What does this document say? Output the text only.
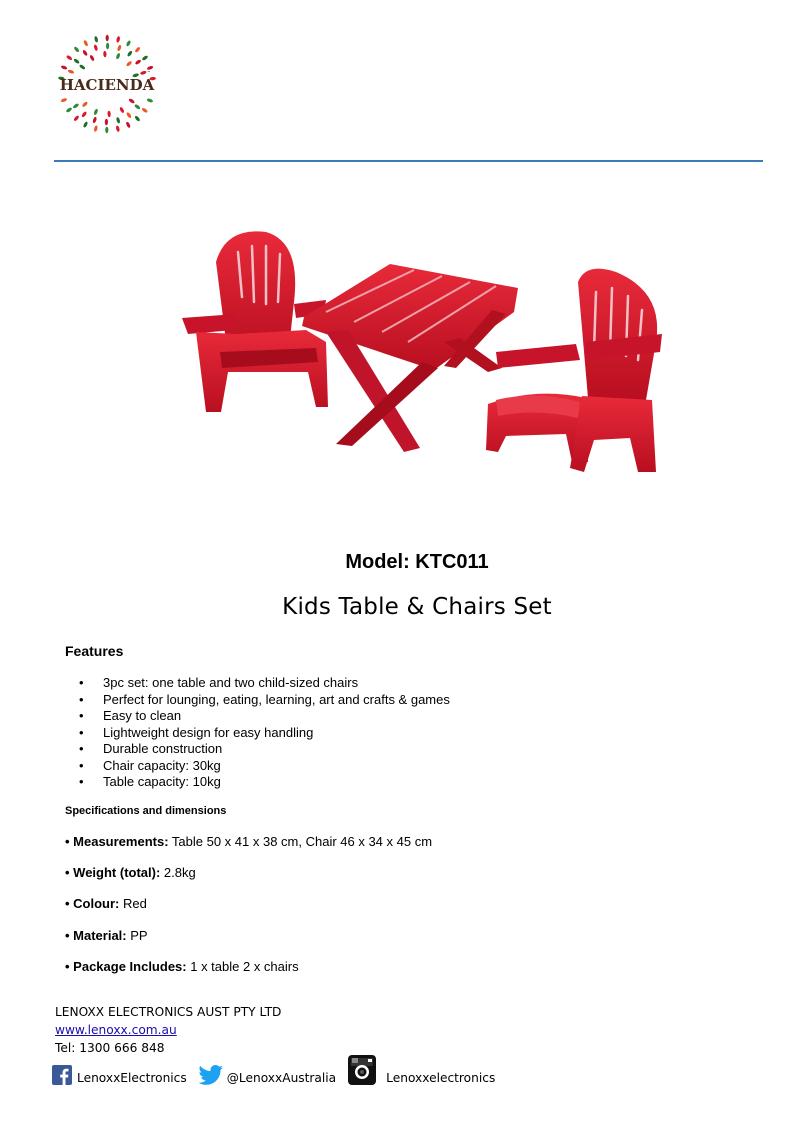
HACIENDA
™
Model: KTC011
Kids Table & Chairs Set
Features
• 3pc set: one table and two child-sized chairs
• Perfect for lounging, eating, learning, art and crafts & games
• Easy to clean
• Lightweight design for easy handling
• Durable construction
• Chair capacity: 30kg
• Table capacity: 10kg
Specifications and dimensions
• Measurements: Table 50 x 41 x 38 cm, Chair 46 x 34 x 45 cm
• Weight (total): 2.8kg
• Colour: Red
• Material: PP
• Package Includes: 1 x table 2 x chairs
LENOXX ELECTRONICS AUST PTY LTD
www.lenoxx.com.au
Tel: 1300 666 848
LenoxxElectronics	@LenoxxAustralia	Lenoxxelectronics
